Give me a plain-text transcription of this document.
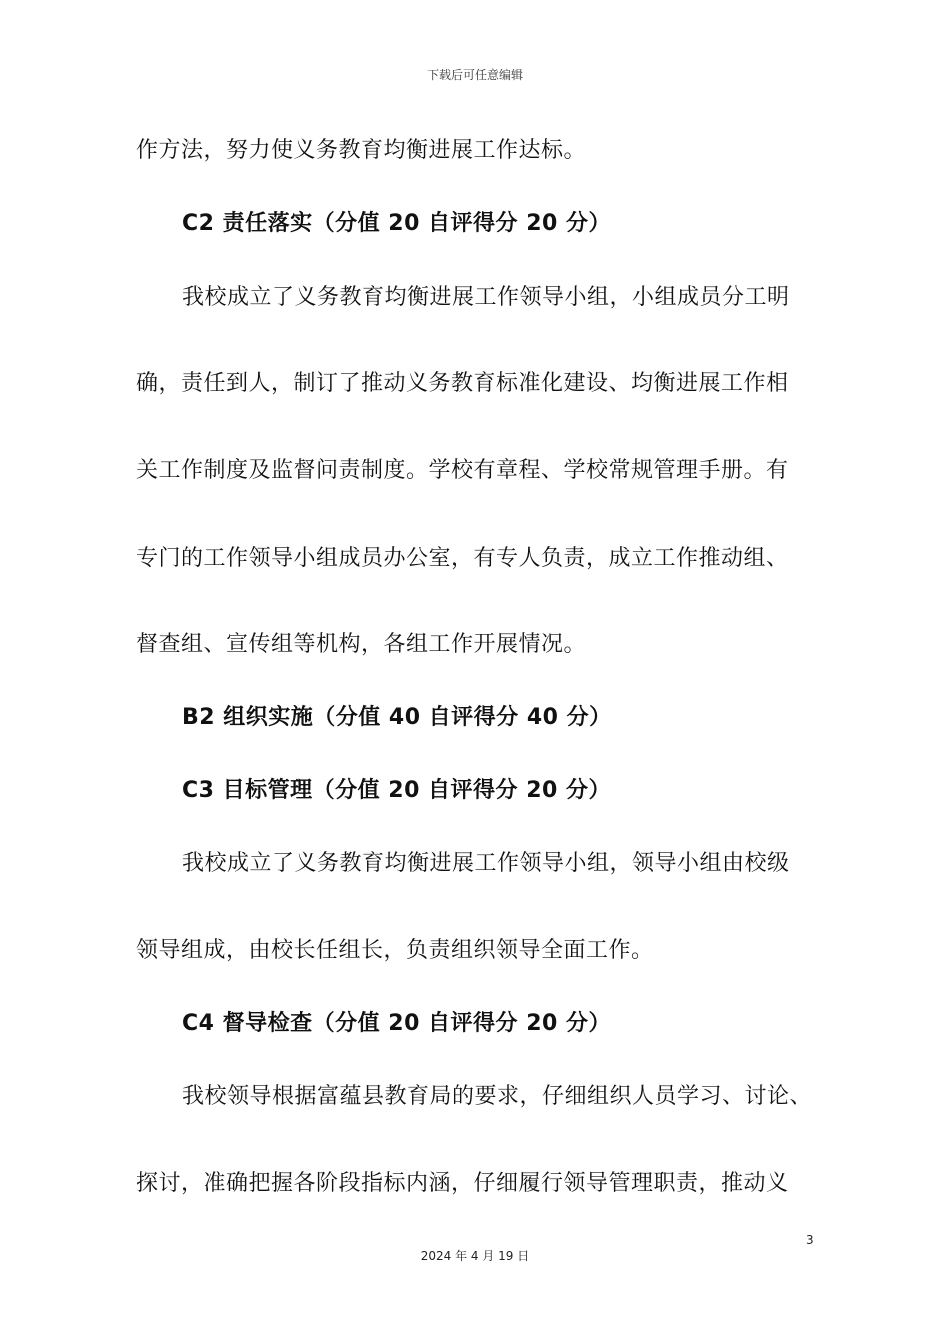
下载后可任意编辑
作方法，努力使义务教育均衡进展工作达标。
C2 责任落实（分值 20 自评得分 20 分）
我校成立了义务教育均衡进展工作领导小组，小组成员分工明
确，责任到人，制订了推动义务教育标准化建设、均衡进展工作相
关工作制度及监督问责制度。学校有章程、学校常规管理手册。有
专门的工作领导小组成员办公室，有专人负责，成立工作推动组、
督查组、宣传组等机构，各组工作开展情况。
B2 组织实施（分值 40 自评得分 40 分）
C3 目标管理（分值 20 自评得分 20 分）
我校成立了义务教育均衡进展工作领导小组，领导小组由校级
领导组成，由校长任组长，负责组织领导全面工作。
C4 督导检查（分值 20 自评得分 20 分）
我校领导根据富蕴县教育局的要求，仔细组织人员学习、讨论、
探讨，准确把握各阶段指标内涵，仔细履行领导管理职责，推动义
3
2024 年 4 月 19 日
